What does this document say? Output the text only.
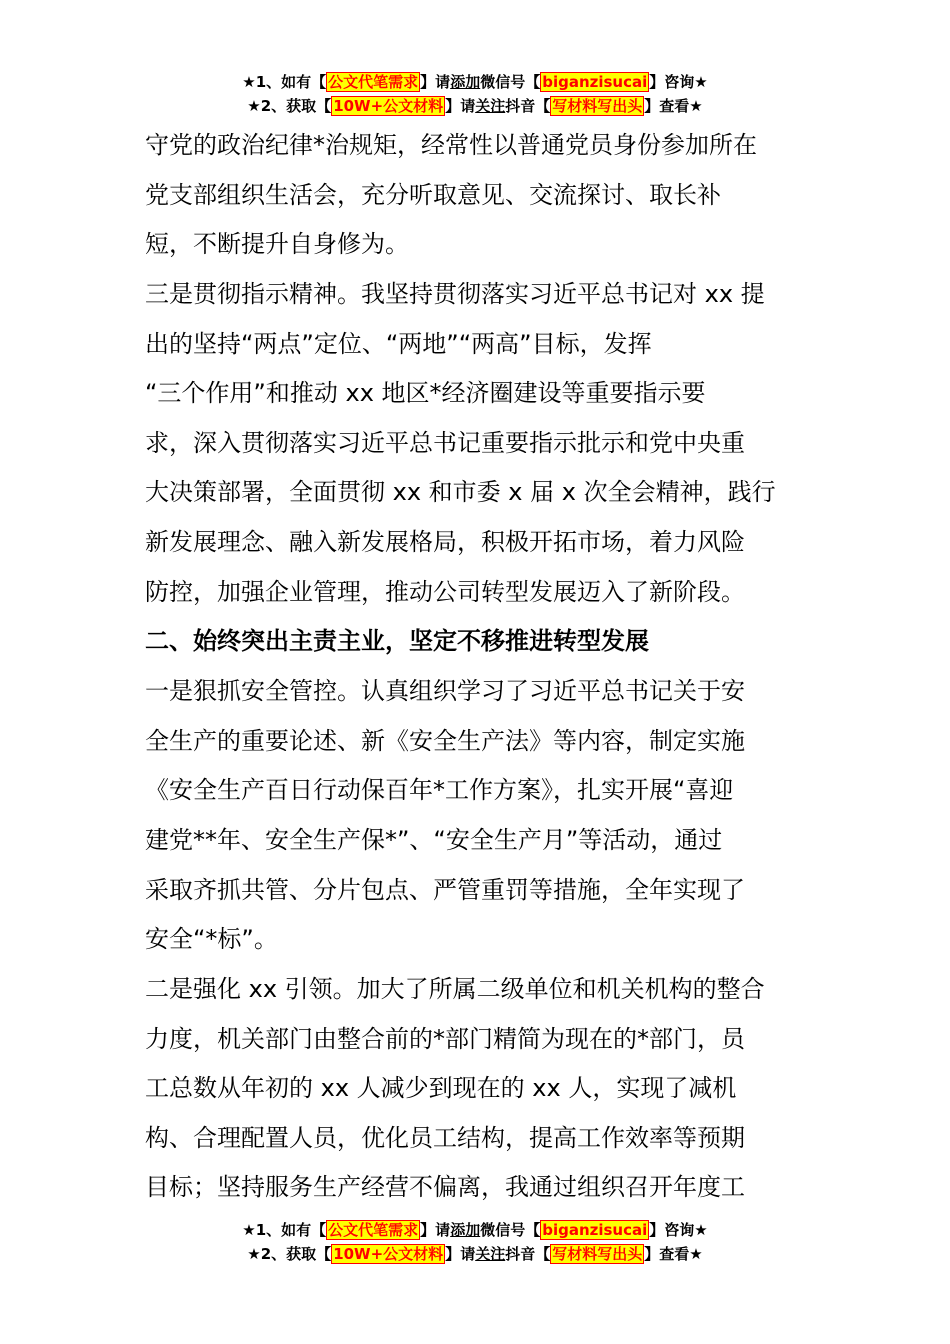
★1、如有【 公文代笔需求 】请添加微信号【 biganzisucai 】咨询★
★2、获取【 10W+公文材料 】请关注抖音【 写材料写出头 】查看★
守党的政治纪律*治规矩，经常性以普通党员身份参加所在
党支部组织生活会，充分听取意见、交流探讨、取长补
短，不断提升自身修为。
三是贯彻指示精神。我坚持贯彻落实习近平总书记对 xx 提
出的坚持“两点”定位、“两地”“两高”目标，发挥
“三个作用”和推动 xx 地区*经济圈建设等重要指示要
求，深入贯彻落实习近平总书记重要指示批示和党中央重
大决策部署，全面贯彻 xx 和市委 x 届 x 次全会精神，践行
新发展理念、融入新发展格局，积极开拓市场，着力风险
防控，加强企业管理，推动公司转型发展迈入了新阶段。
二、始终突出主责主业，坚定不移推进转型发展
一是狠抓安全管控。认真组织学习了习近平总书记关于安
全生产的重要论述、新《安全生产法》等内容，制定实施
《安全生产百日行动保百年*工作方案》，扎实开展“喜迎
建党**年、安全生产保*”、“安全生产月”等活动，通过
采取齐抓共管、分片包点、严管重罚等措施，全年实现了
安全“*标”。
二是强化 xx 引领。加大了所属二级单位和机关机构的整合
力度，机关部门由整合前的*部门精简为现在的*部门，员
工总数从年初的 xx 人减少到现在的 xx 人，实现了减机
构、合理配置人员，优化员工结构，提高工作效率等预期
目标；坚持服务生产经营不偏离，我通过组织召开年度工
★1、如有【 公文代笔需求 】请添加微信号【 biganzisucai 】咨询★
★2、获取【 10W+公文材料 】请关注抖音【 写材料写出头 】查看★
